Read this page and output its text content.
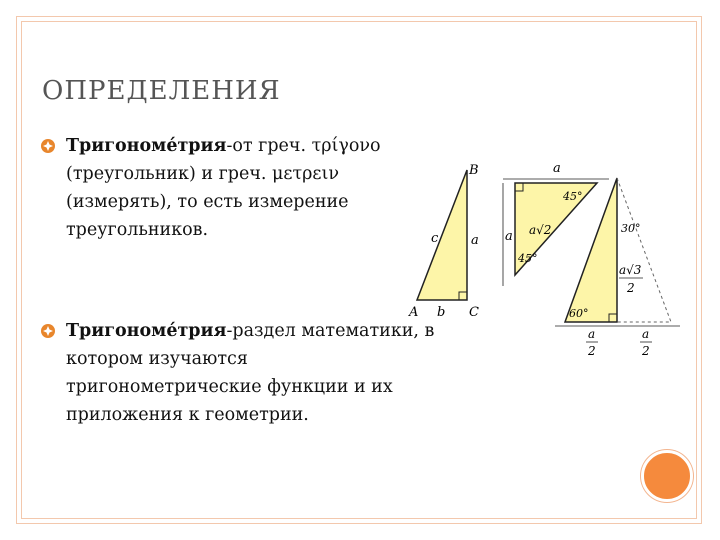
ОПРЕДЕЛЕНИЯ
Тригономе́трия-от греч. τρίγονο (треугольник) и греч. μετρειν (измерять), то есть измерение треугольников.
Тригономе́трия-раздел математики, в котором изучаются тригонометрические функции и их приложения к геометрии.
A
B
C
a
b
c
a
a a√2
45°
45°
30°
60°
a√3
2
a
2
a
2
